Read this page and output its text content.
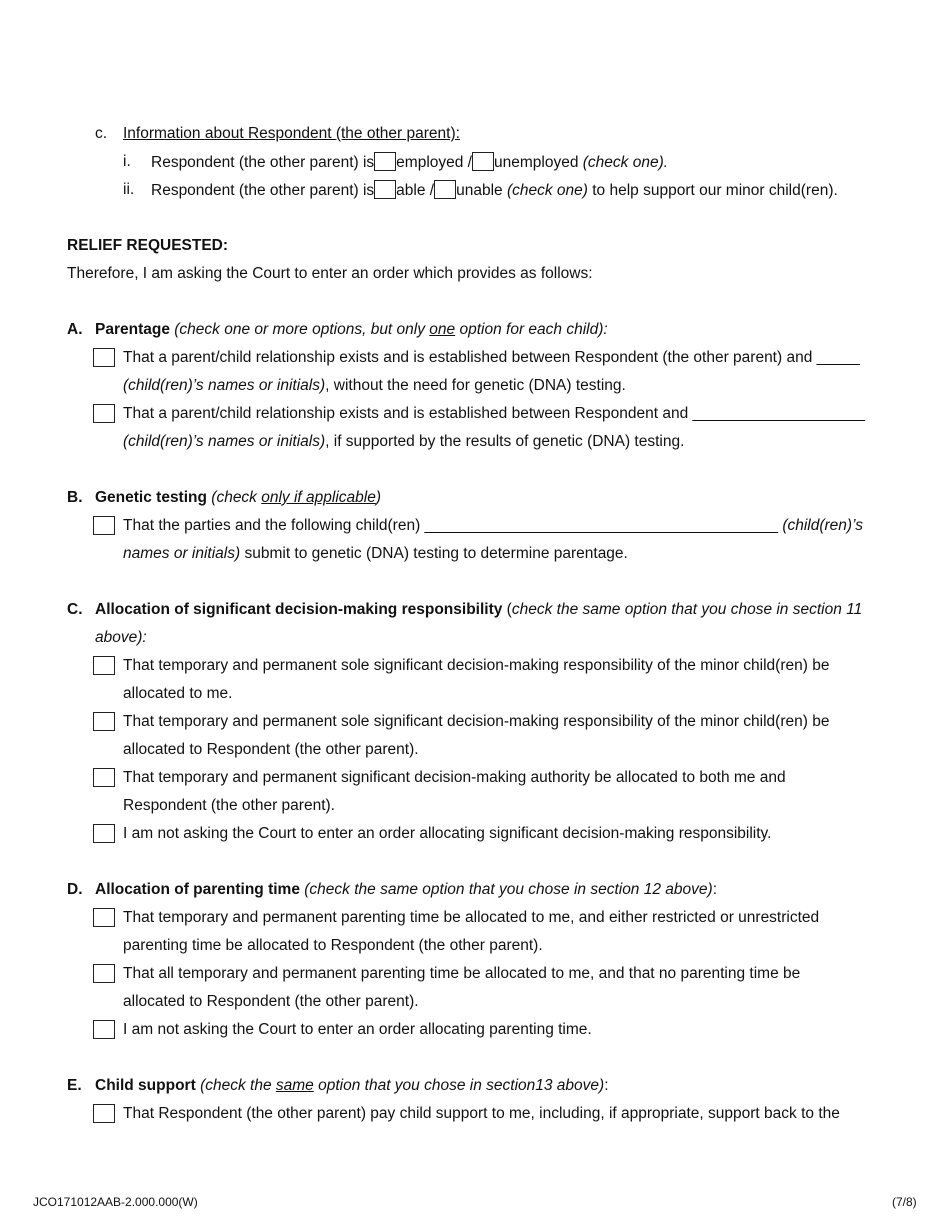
c. Information about Respondent (the other parent):
i. Respondent (the other parent) is employed / unemployed (check one).
ii. Respondent (the other parent) is able / unable (check one) to help support our minor child(ren).
RELIEF REQUESTED:
Therefore, I am asking the Court to enter an order which provides as follows:
A. Parentage (check one or more options, but only one option for each child):
That a parent/child relationship exists and is established between Respondent (the other parent) and _____
(child(ren)’s names or initials), without the need for genetic (DNA) testing.
That a parent/child relationship exists and is established between Respondent and ____________________
(child(ren)’s names or initials), if supported by the results of genetic (DNA) testing.
B. Genetic testing (check only if applicable)
That the parties and the following child(ren) _________________________________________ (child(ren)’s
names or initials) submit to genetic (DNA) testing to determine parentage.
C. Allocation of significant decision-making responsibility (check the same option that you chose in section 11
above):
That temporary and permanent sole significant decision-making responsibility of the minor child(ren) be
allocated to me.
That temporary and permanent sole significant decision-making responsibility of the minor child(ren) be
allocated to Respondent (the other parent).
That temporary and permanent significant decision-making authority be allocated to both me and
Respondent (the other parent).
I am not asking the Court to enter an order allocating significant decision-making responsibility.
D. Allocation of parenting time (check the same option that you chose in section 12 above):
That temporary and permanent parenting time be allocated to me, and either restricted or unrestricted
parenting time be allocated to Respondent (the other parent).
That all temporary and permanent parenting time be allocated to me, and that no parenting time be
allocated to Respondent (the other parent).
I am not asking the Court to enter an order allocating parenting time.
E. Child support (check the same option that you chose in section13 above):
That Respondent (the other parent) pay child support to me, including, if appropriate, support back to the
JCO171012AAB-2.000.000(W)	(7/8)
